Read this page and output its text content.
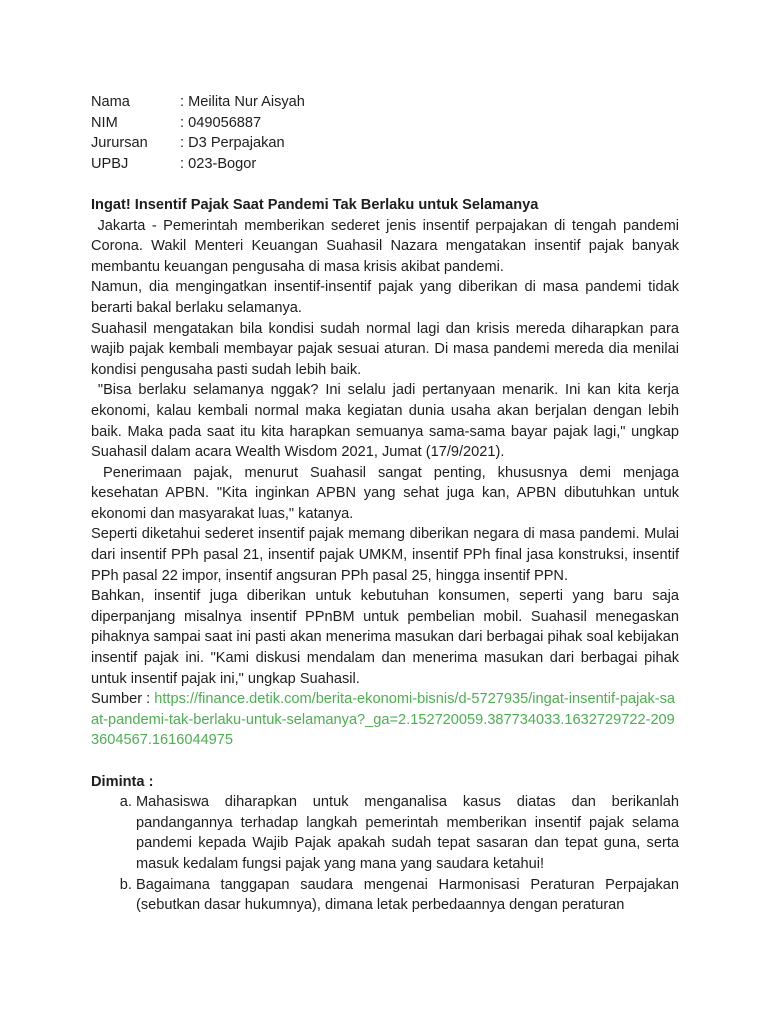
Nama	: Meilita Nur Aisyah
NIM	: 049056887
Jurursan	: D3 Perpajakan
UPBJ	: 023-Bogor
Ingat! Insentif Pajak Saat Pandemi Tak Berlaku untuk Selamanya

Jakarta - Pemerintah memberikan sederet jenis insentif perpajakan di tengah pandemi Corona. Wakil Menteri Keuangan Suahasil Nazara mengatakan insentif pajak banyak membantu keuangan pengusaha di masa krisis akibat pandemi.

Namun, dia mengingatkan insentif-insentif pajak yang diberikan di masa pandemi tidak berarti bakal berlaku selamanya.

Suahasil mengatakan bila kondisi sudah normal lagi dan krisis mereda diharapkan para wajib pajak kembali membayar pajak sesuai aturan. Di masa pandemi mereda dia menilai kondisi pengusaha pasti sudah lebih baik.

"Bisa berlaku selamanya nggak? Ini selalu jadi pertanyaan menarik. Ini kan kita kerja ekonomi, kalau kembali normal maka kegiatan dunia usaha akan berjalan dengan lebih baik. Maka pada saat itu kita harapkan semuanya sama-sama bayar pajak lagi," ungkap Suahasil dalam acara Wealth Wisdom 2021, Jumat (17/9/2021).

Penerimaan pajak, menurut Suahasil sangat penting, khususnya demi menjaga kesehatan APBN. "Kita inginkan APBN yang sehat juga kan, APBN dibutuhkan untuk ekonomi dan masyarakat luas," katanya.

Seperti diketahui sederet insentif pajak memang diberikan negara di masa pandemi. Mulai dari insentif PPh pasal 21, insentif pajak UMKM, insentif PPh final jasa konstruksi, insentif PPh pasal 22 impor, insentif angsuran PPh pasal 25, hingga insentif PPN.

Bahkan, insentif juga diberikan untuk kebutuhan konsumen, seperti yang baru saja diperpanjang misalnya insentif PPnBM untuk pembelian mobil. Suahasil menegaskan pihaknya sampai saat ini pasti akan menerima masukan dari berbagai pihak soal kebijakan insentif pajak ini. "Kami diskusi mendalam dan menerima masukan dari berbagai pihak untuk insentif pajak ini," ungkap Suahasil.

Sumber : https://finance.detik.com/berita-ekonomi-bisnis/d-5727935/ingat-insentif-pajak-saat-pandemi-tak-berlaku-untuk-selamanya?_ga=2.152720059.387734033.1632729722-2093604567.1616044975

Diminta :
a. Mahasiswa diharapkan untuk menganalisa kasus diatas dan berikanlah pandangannya terhadap langkah pemerintah memberikan insentif pajak selama pandemi kepada Wajib Pajak apakah sudah tepat sasaran dan tepat guna, serta masuk kedalam fungsi pajak yang mana yang saudara ketahui!
b. Bagaimana tanggapan saudara mengenai Harmonisasi Peraturan Perpajakan (sebutkan dasar hukumnya), dimana letak perbedaannya dengan peraturan
